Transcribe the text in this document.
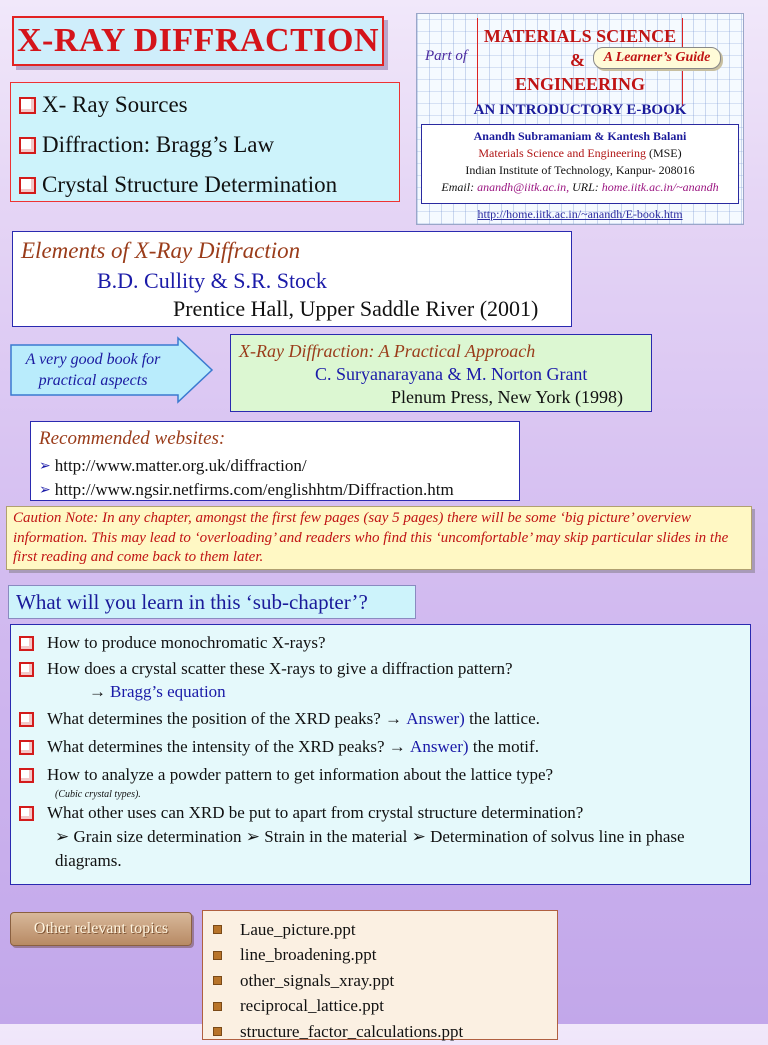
X-RAY DIFFRACTION
X- Ray Sources
Diffraction: Bragg’s Law
Crystal Structure Determination
Part of
MATERIALS SCIENCE
&
ENGINEERING
A Learner’s Guide
AN INTRODUCTORY E-BOOK
Anandh Subramaniam & Kantesh Balani
Materials Science and Engineering (MSE)
Indian Institute of Technology, Kanpur- 208016
Email: anandh@iitk.ac.in, URL: home.iitk.ac.in/~anandh
http://home.iitk.ac.in/~anandh/E-book.htm
Elements of X-Ray Diffraction
B.D. Cullity & S.R. Stock
Prentice Hall, Upper Saddle River (2001)
A very good book for
practical aspects
X-Ray Diffraction: A Practical Approach
C. Suryanarayana & M. Norton Grant
Plenum Press, New York (1998)
Recommended websites:
➢ http://www.matter.org.uk/diffraction/
➢ http://www.ngsir.netfirms.com/englishhtm/Diffraction.htm
Caution Note: In any chapter, amongst the first few pages (say 5 pages) there will be some ‘big picture’ overview information. This may lead to ‘overloading’ and readers who find this ‘uncomfortable’ may skip particular slides in the first reading and come back to them later.
What will you learn in this ‘sub-chapter’?
How to produce monochromatic X-rays?
How does a crystal scatter these X-rays to give a diffraction pattern?
→ Bragg’s equation
What determines the position of the XRD peaks? →
Answer)
the lattice.
What determines the intensity of the XRD peaks? →
Answer)
the motif.
How to analyze a powder pattern to get information about the lattice type?
(Cubic crystal types).
What other uses can XRD be put to apart from crystal structure determination?
➢ Grain size determination ➢ Strain in the material ➢ Determination of solvus line in phase diagrams.
Other relevant topics	Laue_picture.ppt
line_broadening.ppt
other_signals_xray.ppt
reciprocal_lattice.ppt
structure_factor_calculations.ppt
